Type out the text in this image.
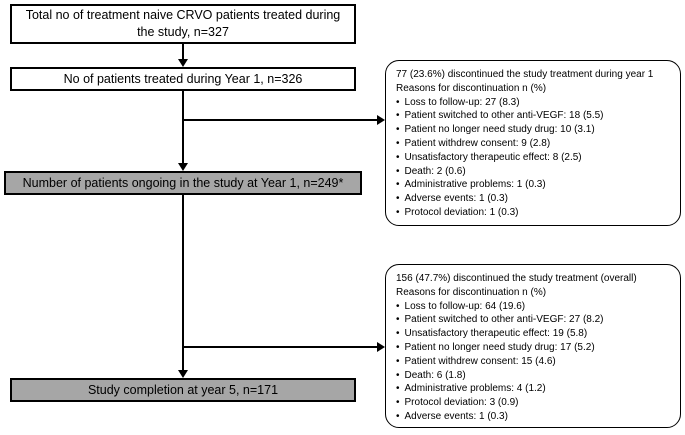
Total no of treatment naive CRVO patients treated during the study, n=327
No of patients treated during Year 1, n=326
Number of patients ongoing in the study at Year 1, n=249*
Study completion at year 5, n=171
77 (23.6%) discontinued the study treatment during year 1
Reasons for discontinuation n (%)
• Loss to follow-up: 27 (8.3)
• Patient switched to other anti-VEGF: 18 (5.5)
• Patient no longer need study drug: 10 (3.1)
• Patient withdrew consent: 9 (2.8)
• Unsatisfactory therapeutic effect: 8 (2.5)
• Death: 2 (0.6)
• Administrative problems: 1 (0.3)
• Adverse events: 1 (0.3)
• Protocol deviation: 1 (0.3)
156 (47.7%) discontinued the study treatment (overall)
Reasons for discontinuation n (%)
• Loss to follow-up: 64 (19.6)
• Patient switched to other anti-VEGF: 27 (8.2)
• Unsatisfactory therapeutic effect: 19 (5.8)
• Patient no longer need study drug: 17 (5.2)
• Patient withdrew consent: 15 (4.6)
• Death: 6 (1.8)
• Administrative problems: 4 (1.2)
• Protocol deviation: 3 (0.9)
• Adverse events: 1 (0.3)
